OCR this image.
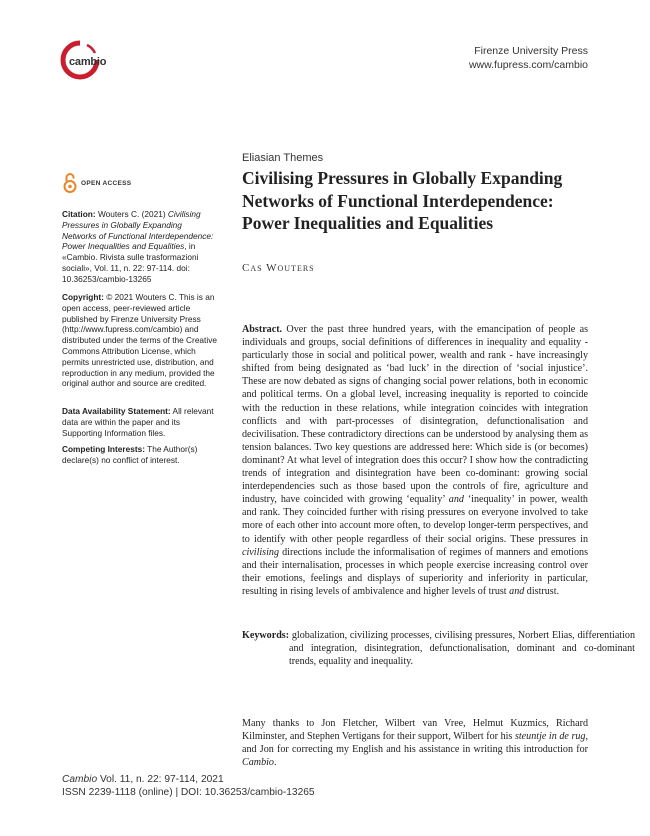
cambio
Firenze University Press
www.fupress.com/cambio
OPEN ACCESS
Citation: Wouters C. (2021) Civilising Pressures in Globally Expanding Networks of Functional Interdependence: Power Inequalities and Equalities, in «Cambio. Rivista sulle trasformazioni sociali», Vol. 11, n. 22: 97-114. doi: 10.36253/cambio-13265
Copyright: © 2021 Wouters C. This is an open access, peer-reviewed article published by Firenze University Press (http://www.fupress.com/cambio) and distributed under the terms of the Creative Commons Attribution License, which permits unrestricted use, distribution, and reproduction in any medium, provided the original author and source are credited.
Data Availability Statement: All relevant data are within the paper and its Supporting Information files.
Competing Interests: The Author(s) declare(s) no conflict of interest.
Eliasian Themes
Civilising Pressures in Globally Expanding Networks of Functional Interdependence: Power Inequalities and Equalities
Cas Wouters

Abstract. Over the past three hundred years, with the emancipation of people as individuals and groups, social definitions of differences in inequality and equality -particularly those in social and political power, wealth and rank - have increasingly shifted from being designated as ‘bad luck’ in the direction of ‘social injustice’. These are now debated as signs of changing social power relations, both in economic and political terms. On a global level, increasing inequality is reported to coincide with the reduction in these relations, while integration coincides with integration conflicts and with part-processes of disintegration, defunctionalisation and decivilisation. These contradictory directions can be understood by analysing them as tension balances. Two key questions are addressed here: Which side is (or becomes) dominant? At what level of integration does this occur? I show how the contradicting trends of integration and disintegration have been co-dominant: growing social interdependencies such as those based upon the controls of fire, agriculture and industry, have coincided with growing ‘equality’ and ‘inequality’ in power, wealth and rank. They coincided further with rising pressures on everyone involved to take more of each other into account more often, to develop longer-term perspectives, and to identify with other people regardless of their social origins. These pressures in civilising directions include the informalisation of regimes of manners and emotions and their internalisation, processes in which people exercise increasing control over their emotions, feelings and displays of superiority and inferiority in particular, resulting in rising levels of ambivalence and higher levels of trust and distrust.

Keywords: globalization, civilizing processes, civilising pressures, Norbert Elias, differentiation and integration, disintegration, defunctionalisation, dominant and co-dominant trends, equality and inequality.

Many thanks to Jon Fletcher, Wilbert van Vree, Helmut Kuzmics, Richard Kilminster, and Stephen Vertigans for their support, Wilbert for his steuntje in de rug, and Jon for correcting my English and his assistance in writing this introduction for Cambio.

Cambio Vol. 11, n. 22: 97-114, 2021
ISSN 2239-1118 (online) | DOI: 10.36253/cambio-13265
